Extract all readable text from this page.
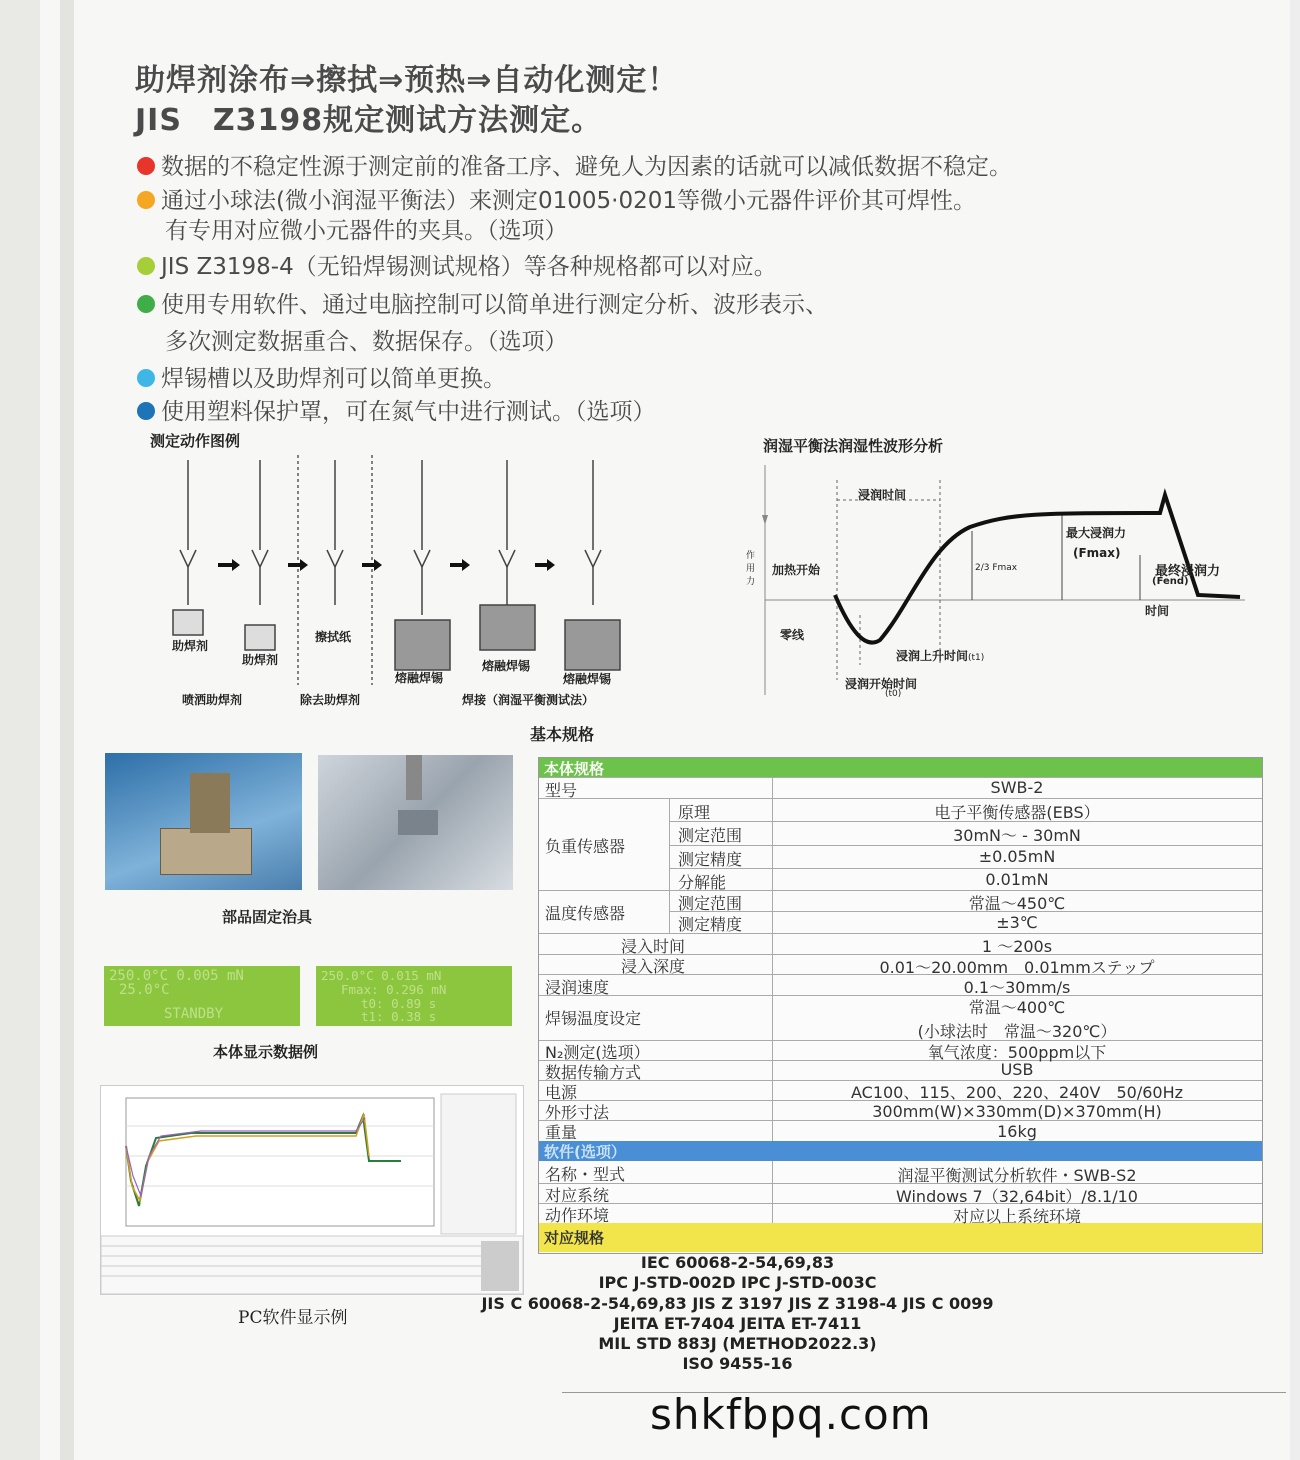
助焊剂涂布⇒擦拭⇒预热⇒自动化测定！
JIS　Z3198规定测试方法测定。
数据的不稳定性源于测定前的准备工序、避免人为因素的话就可以减低数据不稳定。
通过小球法(微小润湿平衡法）来测定01005·0201等微小元器件评价其可焊性。
有专用对应微小元器件的夹具。（选项）
JIS Z3198-4（无铅焊锡测试规格）等各种规格都可以对应。
使用专用软件、通过电脑控制可以简单进行测定分析、波形表示、
多次测定数据重合、数据保存。（选项）
焊锡槽以及助焊剂可以简单更换。
使用塑料保护罩，可在氮气中进行测试。（选项）
测定动作图例
助焊剂
助焊剂
擦拭纸
熔融焊锡
熔融焊锡
熔融焊锡
喷洒助焊剂	除去助焊剂	焊接（润湿平衡测试法）
润湿平衡法润湿性波形分析
浸润时间
最大浸润力
(Fmax)
最终浸润力
(Fend)
加热开始
作用力
2/3 Fmax
时间
零线
浸润上升时间(t1)
浸润开始时间
(t0)
基本规格
部品固定治具
250.0°C 0.005 mN
25.0°C
STANDBY
250.0°C 0.015 mN
Fmax: 0.296 mN
t0: 0.89 s
t1: 0.38 s
本体显示数据例
PC软件显示例
本体规格
软件(选项）
对应规格
型号	SWB-2
负重传感器
原理	电子平衡传感器(EBS）
测定范围	30mN～ - 30mN
测定精度	±0.05mN
分解能	0.01mN
温度传感器
测定范围	常温～450℃
测定精度	±3℃
浸入时间	1 ～200s
浸入深度	0.01～20.00mm　0.01mmステップ
浸润速度	0.1～30mm/s
焊锡温度设定
常温～400℃
(小球法时　常温～320℃）
N₂测定(选项）	氧气浓度：500ppm以下
数据传输方式	USB
电源	AC100、115、200、220、240V　50/60Hz
外形寸法	300mm(W)×330mm(D)×370mm(H)
重量	16kg
名称・型式	润湿平衡测试分析软件・SWB-S2
对应系统	Windows 7（32,64bit）/8.1/10
动作环境	对应以上系统环境
IEC 60068-2-54,69,83
IPC J-STD-002D IPC J-STD-003C
JIS C 60068-2-54,69,83 JIS Z 3197 JIS Z 3198-4 JIS C 0099
JEITA ET-7404 JEITA ET-7411
MIL STD 883J (METHOD2022.3)
ISO 9455-16
shkfbpq.com
